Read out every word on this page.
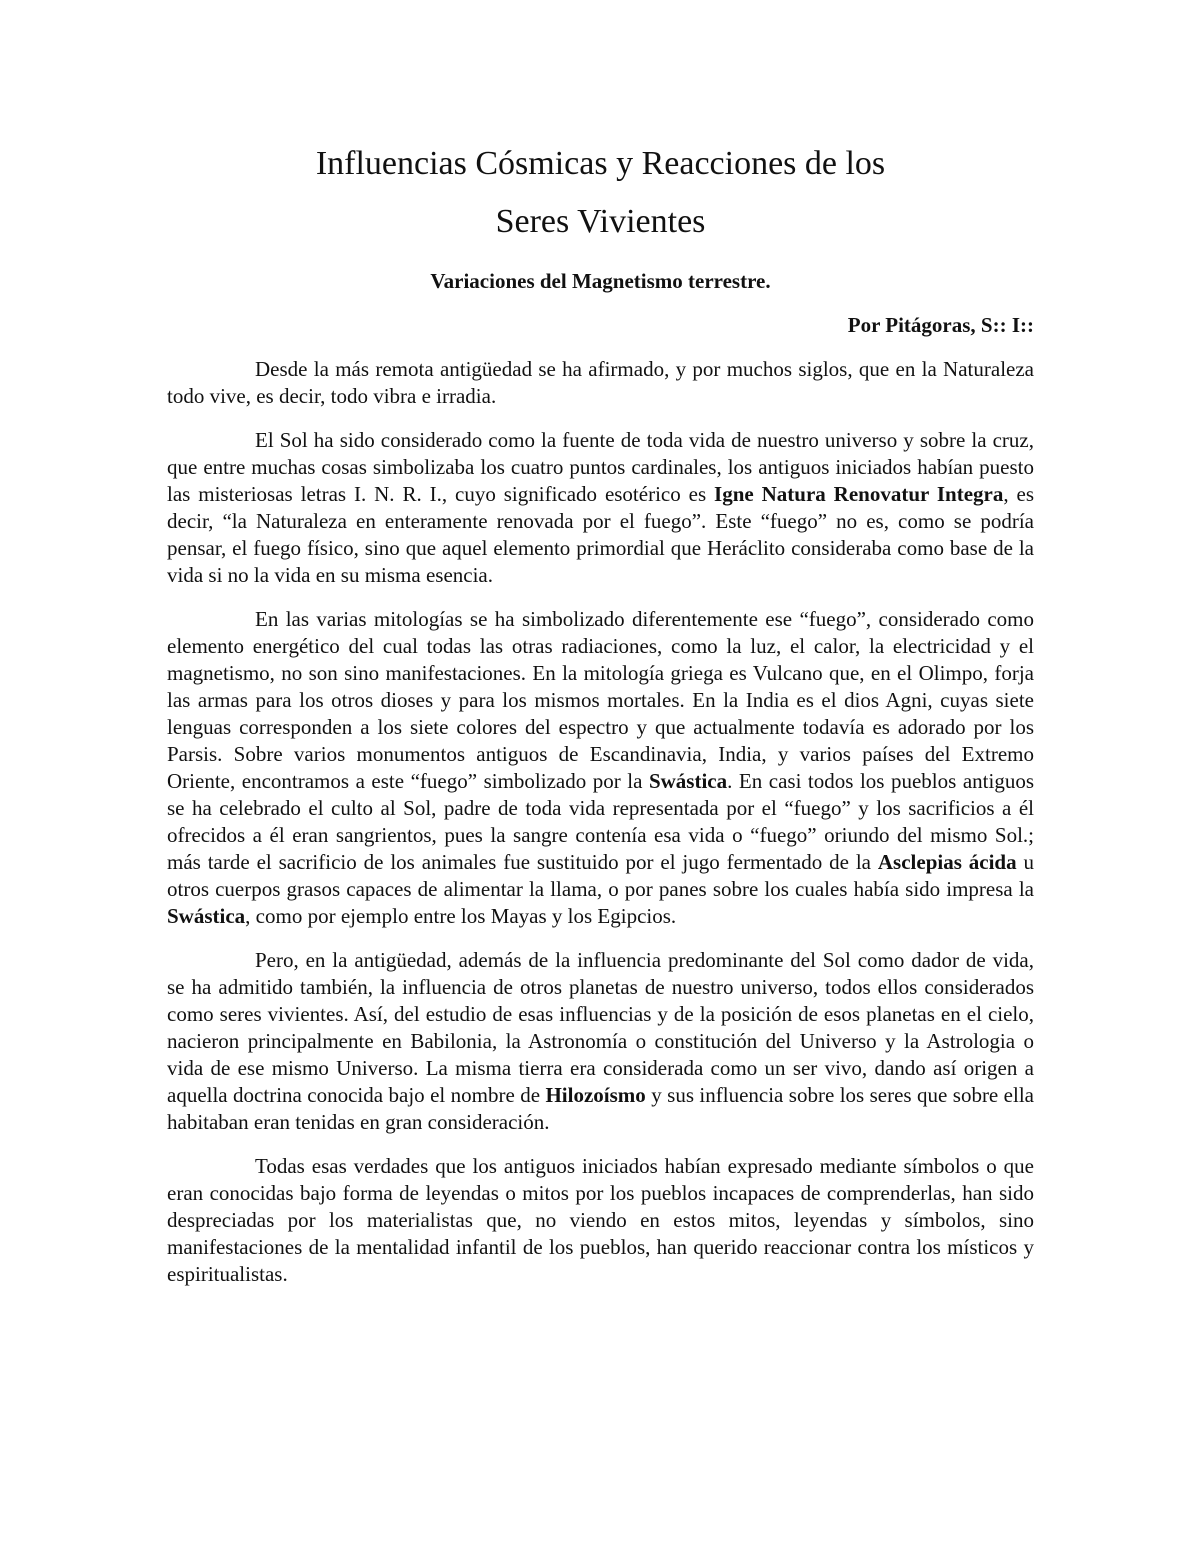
Influencias Cósmicas y Reacciones de los
Seres Vivientes
Variaciones del Magnetismo terrestre.
Por Pitágoras, S:: I::

Desde la más remota antigüedad se ha afirmado, y por muchos siglos, que en la Naturaleza todo vive, es decir, todo vibra e irradia.

El Sol ha sido considerado como la fuente de toda vida de nuestro universo y sobre la cruz, que entre muchas cosas simbolizaba los cuatro puntos cardinales, los antiguos iniciados habían puesto las misteriosas letras I. N. R. I., cuyo significado esotérico es Igne Natura Renovatur Integra, es decir, “la Naturaleza en enteramente renovada por el fuego”. Este “fuego” no es, como se podría pensar, el fuego físico, sino que aquel elemento primordial que Heráclito consideraba como base de la vida si no la vida en su misma esencia.

En las varias mitologías se ha simbolizado diferentemente ese “fuego”, considerado como elemento energético del cual todas las otras radiaciones, como la luz, el calor, la electricidad y el magnetismo, no son sino manifestaciones. En la mitología griega es Vulcano que, en el Olimpo, forja las armas para los otros dioses y para los mismos mortales. En la India es el dios Agni, cuyas siete lenguas corresponden a los siete colores del espectro y que actualmente todavía es adorado por los Parsis. Sobre varios monumentos antiguos de Escandinavia, India, y varios países del Extremo Oriente, encontramos a este “fuego” simbolizado por la Swástica. En casi todos los pueblos antiguos se ha celebrado el culto al Sol, padre de toda vida representada por el “fuego” y los sacrificios a él ofrecidos a él eran sangrientos, pues la sangre contenía esa vida o “fuego” oriundo del mismo Sol.; más tarde el sacrificio de los animales fue sustituido por el jugo fermentado de la Asclepias ácida u otros cuerpos grasos capaces de alimentar la llama, o por panes sobre los cuales había sido impresa la Swástica, como por ejemplo entre los Mayas y los Egipcios.

Pero, en la antigüedad, además de la influencia predominante del Sol como dador de vida, se ha admitido también, la influencia de otros planetas de nuestro universo, todos ellos considerados como seres vivientes. Así, del estudio de esas influencias y de la posición de esos planetas en el cielo, nacieron principalmente en Babilonia, la Astronomía o constitución del Universo y la Astrologia o vida de ese mismo Universo. La misma tierra era considerada como un ser vivo, dando así origen a aquella doctrina conocida bajo el nombre de Hilozoísmo y sus influencia sobre los seres que sobre ella habitaban eran tenidas en gran consideración.

Todas esas verdades que los antiguos iniciados habían expresado mediante símbolos o que eran conocidas bajo forma de leyendas o mitos por los pueblos incapaces de comprenderlas, han sido despreciadas por los materialistas que, no viendo en estos mitos, leyendas y símbolos, sino manifestaciones de la mentalidad infantil de los pueblos, han querido reaccionar contra los místicos y espiritualistas.
